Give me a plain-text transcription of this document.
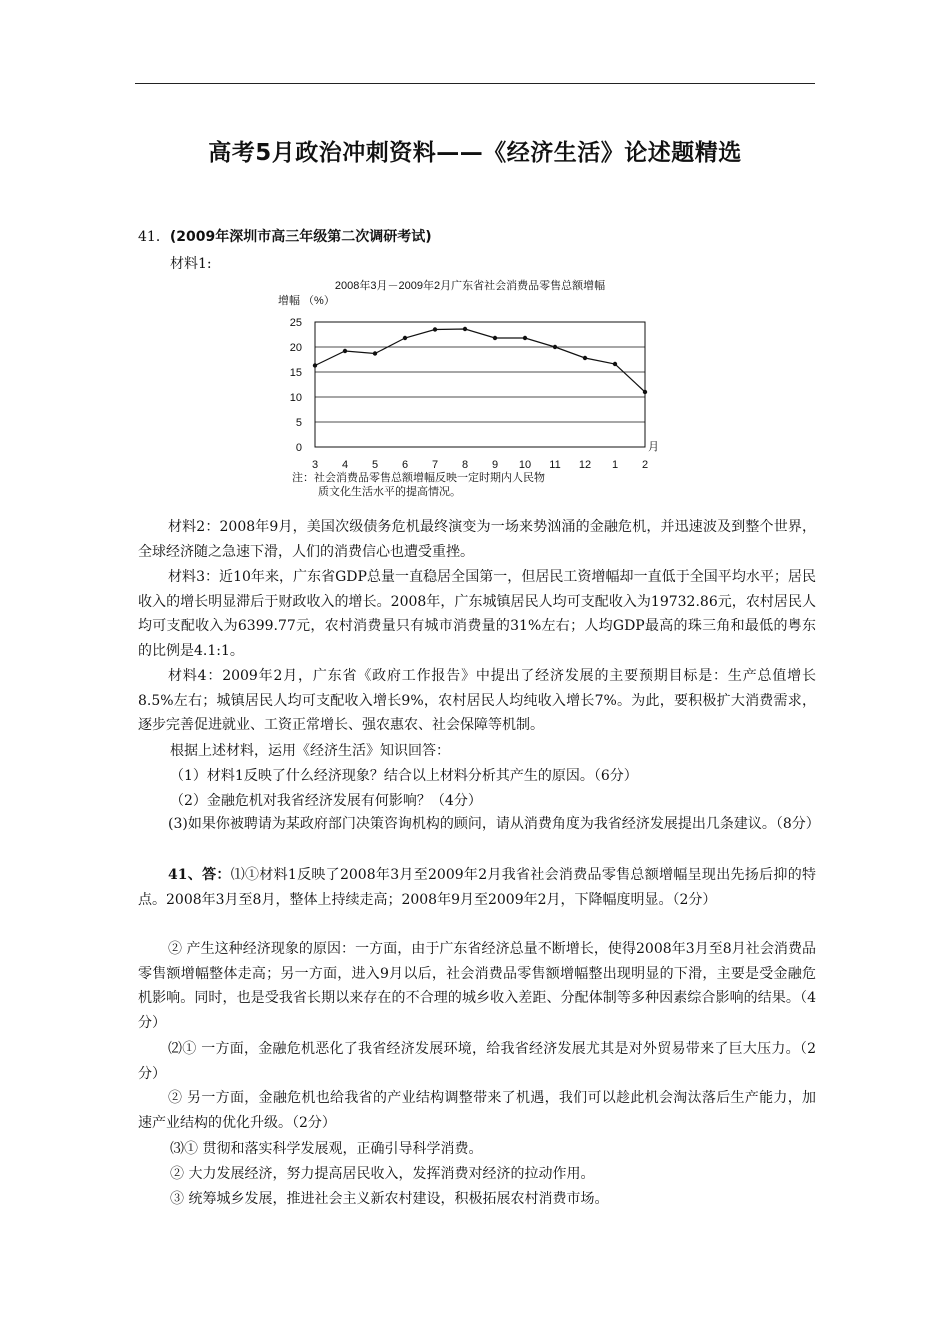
高考5月政治冲刺资料——《经济生活》论述题精选
41．(2009年深圳市高三年级第二次调研考试)
材料1:
2008年3月－2009年2月广东省社会消费品零售总额增幅
增幅 （%）
0
5
10
15
20
25
3 4 5 6 7 8 9 10 11 12 1 2
月
注：社会消费品零售总额增幅反映一定时期内人民物
质文化生活水平的提高情况。

材料2：2008年9月，美国次级债务危机最终演变为一场来势汹涌的金融危机，并迅速波及到整个世界，全球经济随之急速下滑，人们的消费信心也遭受重挫。

材料3：近10年来，广东省GDP总量一直稳居全国第一，但居民工资增幅却一直低于全国平均水平；居民收入的增长明显滞后于财政收入的增长。2008年，广东城镇居民人均可支配收入为19732.86元，农村居民人均可支配收入为6399.77元，农村消费量只有城市消费量的31%左右；人均GDP最高的珠三角和最低的粤东的比例是4.1:1。

材料4：2009年2月，广东省《政府工作报告》中提出了经济发展的主要预期目标是：生产总值增长8.5%左右；城镇居民人均可支配收入增长9%，农村居民人均纯收入增长7%。为此，要积极扩大消费需求，逐步完善促进就业、工资正常增长、强农惠农、社会保障等机制。

根据上述材料，运用《经济生活》知识回答：
（1）材料1反映了什么经济现象？结合以上材料分析其产生的原因。（6分）
（2）金融危机对我省经济发展有何影响？（4分）

(3)如果你被聘请为某政府部门决策咨询机构的顾问，请从消费角度为我省经济发展提出几条建议。（8分）

41、答：⑴①材料1反映了2008年3月至2009年2月我省社会消费品零售总额增幅呈现出先扬后抑的特点。2008年3月至8月，整体上持续走高；2008年9月至2009年2月，下降幅度明显。（2分）

② 产生这种经济现象的原因：一方面，由于广东省经济总量不断增长，使得2008年3月至8月社会消费品零售额增幅整体走高；另一方面，进入9月以后，社会消费品零售额增幅整出现明显的下滑，主要是受金融危机影响。同时，也是受我省长期以来存在的不合理的城乡收入差距、分配体制等多种因素综合影响的结果。（4分）

⑵① 一方面，金融危机恶化了我省经济发展环境，给我省经济发展尤其是对外贸易带来了巨大压力。（2分）

② 另一方面，金融危机也给我省的产业结构调整带来了机遇，我们可以趁此机会淘汰落后生产能力，加速产业结构的优化升级。（2分）

⑶① 贯彻和落实科学发展观，正确引导科学消费。
② 大力发展经济，努力提高居民收入，发挥消费对经济的拉动作用。
③ 统筹城乡发展，推进社会主义新农村建设，积极拓展农村消费市场。
